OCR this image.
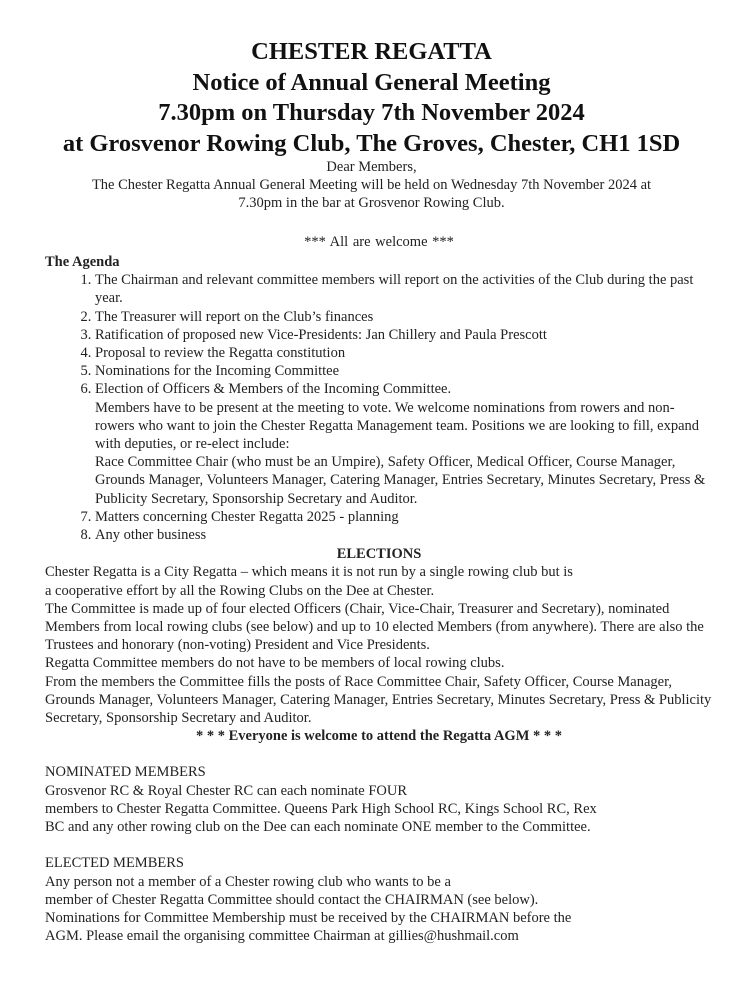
CHESTER REGATTA
Notice of Annual General Meeting
7.30pm on Thursday 7th November 2024
at Grosvenor Rowing Club, The Groves, Chester, CH1 1SD
Dear Members,
The Chester Regatta Annual General Meeting will be held on Wednesday 7th November 2024 at
7.30pm in the bar at Grosvenor Rowing Club.
*** All are welcome ***
The Agenda
1. The Chairman and relevant committee members will report on the activities of the Club during the past year.
2. The Treasurer will report on the Club’s finances
3. Ratification of proposed new Vice-Presidents: Jan Chillery and Paula Prescott
4. Proposal to review the Regatta constitution
5. Nominations for the Incoming Committee
6. Election of Officers & Members of the Incoming Committee.
Members have to be present at the meeting to vote. We welcome nominations from rowers and non-rowers who want to join the Chester Regatta Management team. Positions we are looking to fill, expand with deputies, or re-elect include:
Race Committee Chair (who must be an Umpire), Safety Officer, Medical Officer, Course Manager, Grounds Manager, Volunteers Manager, Catering Manager, Entries Secretary, Minutes Secretary, Press & Publicity Secretary, Sponsorship Secretary and Auditor.
7. Matters concerning Chester Regatta 2025 - planning
8. Any other business
ELECTIONS

Chester Regatta is a City Regatta – which means it is not run by a single rowing club but is

a cooperative effort by all the Rowing Clubs on the Dee at Chester.

The Committee is made up of four elected Officers (Chair, Vice-Chair, Treasurer and Secretary), nominated Members from local rowing clubs (see below) and up to 10 elected Members (from anywhere). There are also the Trustees and honorary (non-voting) President and Vice Presidents.

Regatta Committee members do not have to be members of local rowing clubs.

From the members the Committee fills the posts of Race Committee Chair, Safety Officer, Course Manager, Grounds Manager, Volunteers Manager, Catering Manager, Entries Secretary, Minutes Secretary, Press & Publicity Secretary, Sponsorship Secretary and Auditor.

* * * Everyone is welcome to attend the Regatta AGM * * *

NOMINATED MEMBERS

Grosvenor RC & Royal Chester RC can each nominate FOUR

members to Chester Regatta Committee. Queens Park High School RC, Kings School RC, Rex

BC and any other rowing club on the Dee can each nominate ONE member to the Committee.

ELECTED MEMBERS

Any person not a member of a Chester rowing club who wants to be a

member of Chester Regatta Committee should contact the CHAIRMAN (see below).

Nominations for Committee Membership must be received by the CHAIRMAN before the

AGM. Please email the organising committee Chairman at gillies@hushmail.com
